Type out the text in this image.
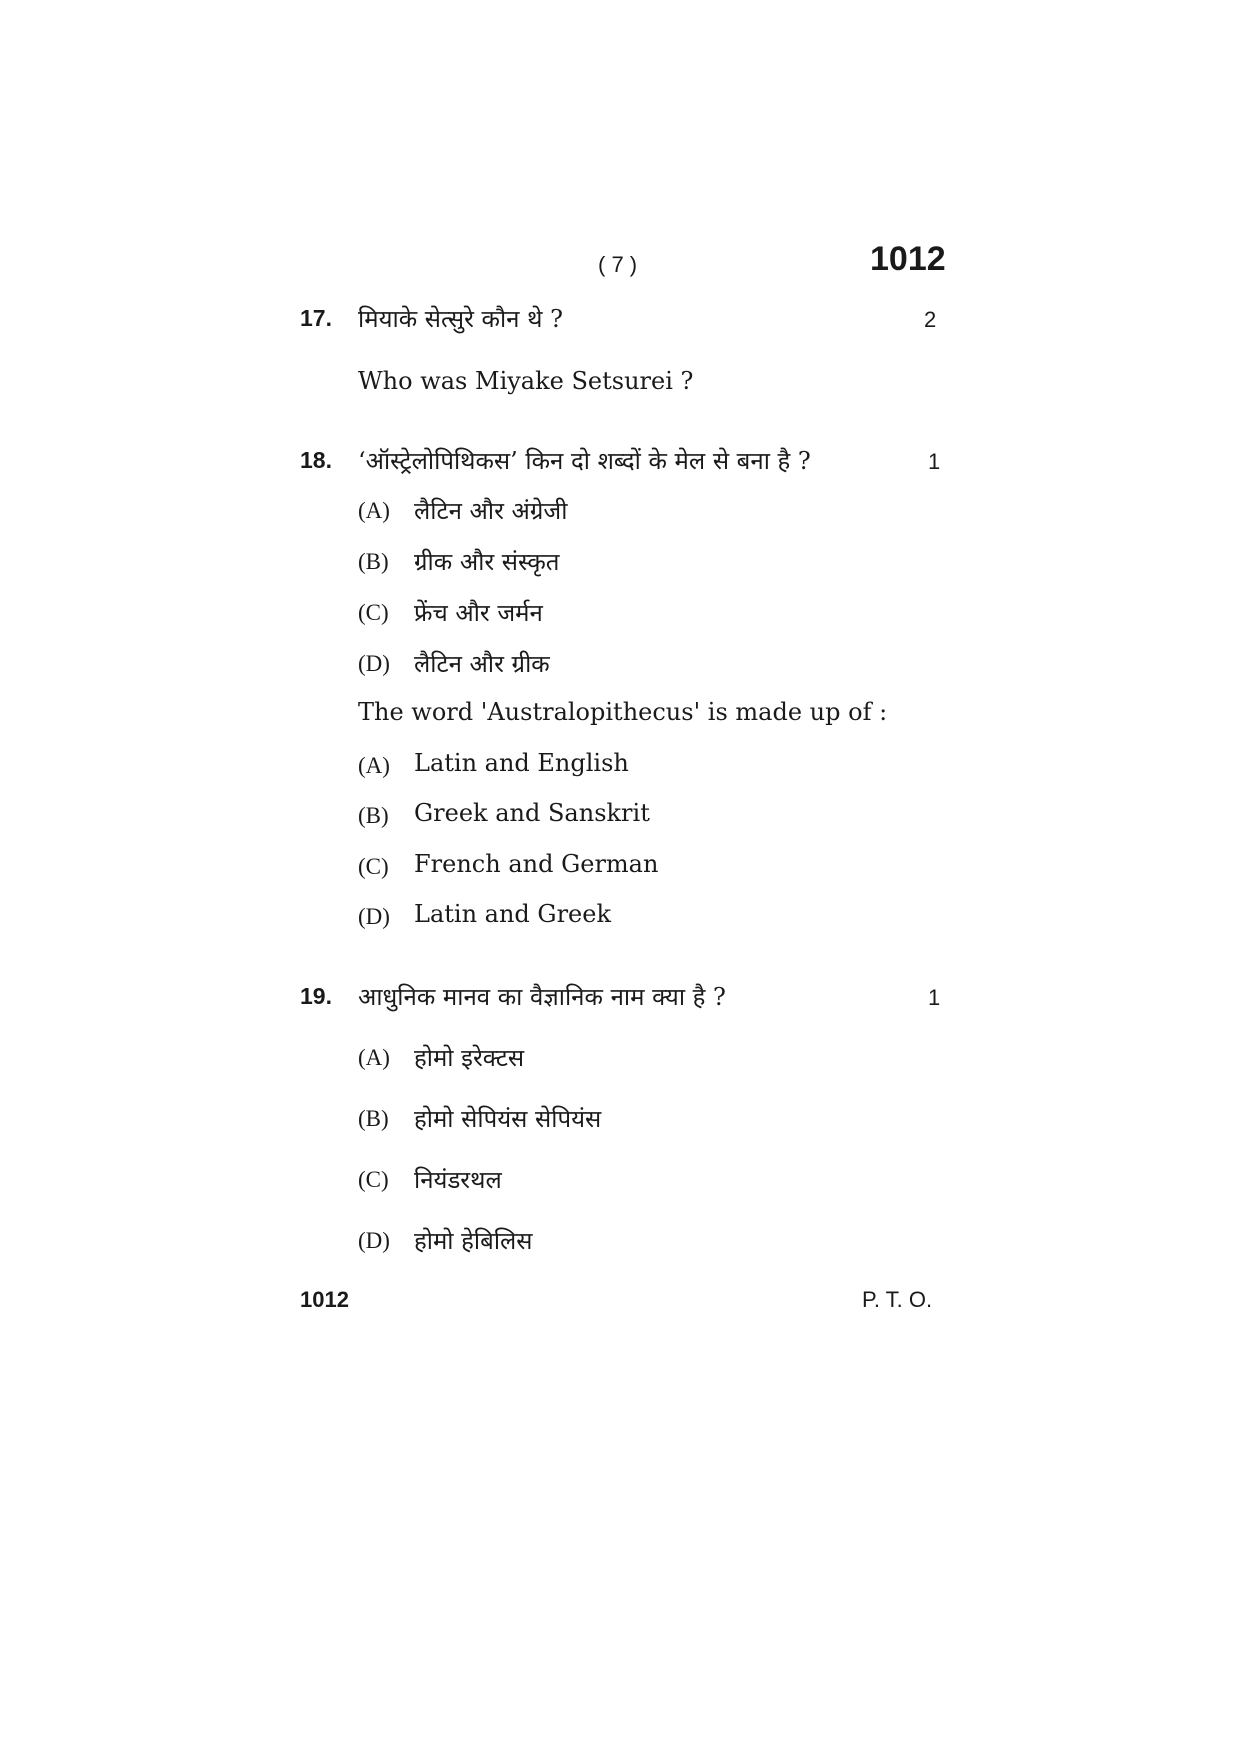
( 7 )	1012
17. मियाके सेत्सुरे कौन थे ?	2
Who was Miyake Setsurei ?
18. ‘ऑस्ट्रेलोपिथिकस’ किन दो शब्दों के मेल से बना है ?	1
(A) लैटिन और अंग्रेजी
(B) ग्रीक और संस्कृत
(C) फ्रेंच और जर्मन
(D) लैटिन और ग्रीक
The word 'Australopithecus' is made up of :
(A) Latin and English
(B) Greek and Sanskrit
(C) French and German
(D) Latin and Greek
19. आधुनिक मानव का वैज्ञानिक नाम क्या है ?	1
(A) होमो इरेक्टस
(B) होमो सेपियंस सेपियंस
(C) नियंडरथल
(D) होमो हेबिलिस
1012	P. T. O.
